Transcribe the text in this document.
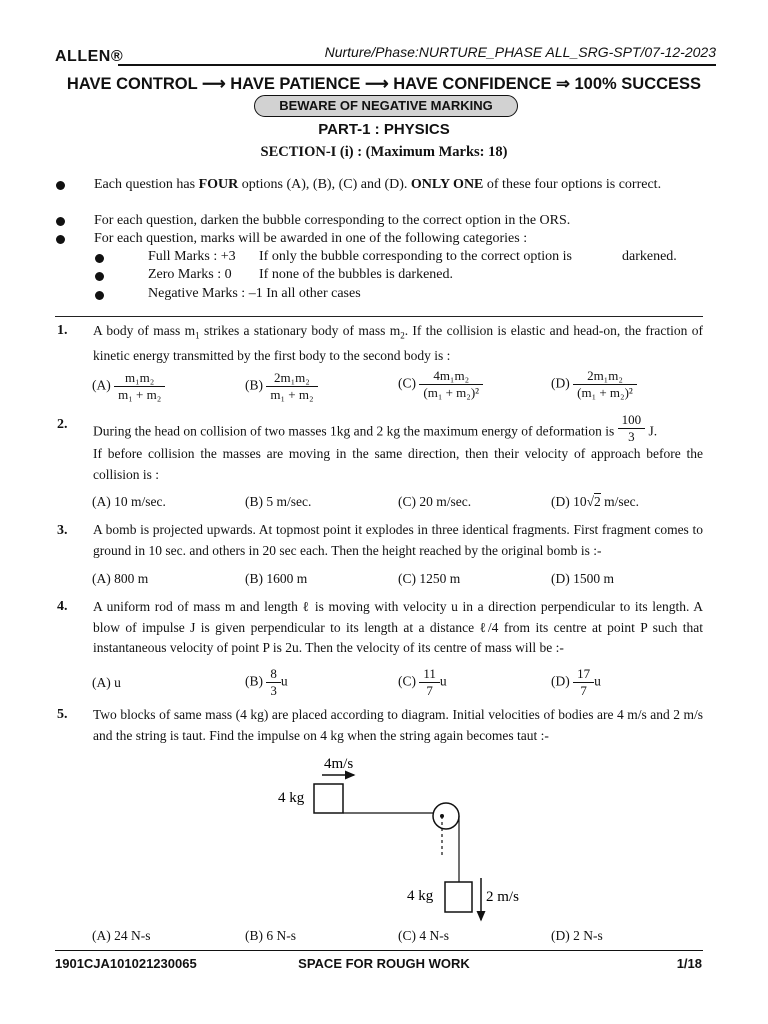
ALLEN®	Nurture/Phase:NURTURE_PHASE ALL_SRG-SPT/07-12-2023
HAVE CONTROL ⟶ HAVE PATIENCE ⟶ HAVE CONFIDENCE ⇒ 100% SUCCESS
BEWARE OF NEGATIVE MARKING
PART-1 : PHYSICS
SECTION-I (i) : (Maximum Marks: 18)
Each question has FOUR options (A), (B), (C) and (D). ONLY ONE of these four options is correct.
For each question, darken the bubble corresponding to the correct option in the ORS.
For each question, marks will be awarded in one of the following categories :
Full Marks : +3 If only the bubble corresponding to the correct option is	darkened.
Zero Marks : 0 If none of the bubbles is darkened.
Negative Marks : –1 In all other cases
1. A body of mass $m_1$ strikes a stationary body of mass $m_2$. If the collision is elastic and head-on, the fraction of kinetic energy transmitted by the first body to the second body is :
$(A) \frac{\text{m₁m₂}}{\text{m₁ + m₂}}$	$(B) \frac{\text{2m₁m₂}}{\text{m₁ + m₂}}$	$(C) \frac{\text{4m₁m₂}}{\text{(m₁ + m₂)²}}$	$(D) \frac{\text{2m₁m₂}}{\text{(m₁ + m₂)²}}$
2. During the head on collision of two masses 1kg and 2 kg the maximum energy of deformation is $\frac{100}{3} J$.
If before collision the masses are moving in the same direction, then their velocity of approach before the collision is :
(A) 10 m/sec.	(B) 5 m/sec.	(C) 20 m/sec.	(D) 10√2 m/sec.
3. A bomb is projected upwards. At topmost point it explodes in three identical fragments. First fragment comes to ground in 10 sec. and others in 20 sec each. Then the height reached by the original bomb is :-
(A) 800 m	(B) 1600 m	(C) 1250 m	(D) 1500 m
4. A uniform rod of mass m and length ℓ is moving with velocity u in a direction perpendicular to its length. A blow of impulse J is given perpendicular to its length at a distance ℓ/4 from its centre at point P such that instantaneous velocity of point P is 2u. Then the velocity of its centre of mass will be :-
(A) u	$(B) \frac{8}{3}$ u	$(C) \frac{11}{7}$ u	$(D) \frac{17}{7}$ u
5. Two blocks of same mass (4 kg) are placed according to diagram. Initial velocities of bodies are 4 m/s and 2 m/s and the string is taut. Find the impulse on 4 kg when the string again becomes taut :-
4m/s
4 kg
4 kg	2 m/s
(A) 24 N-s	(B) 6 N-s	(C) 4 N-s	(D) 2 N-s
1901CJA101021230065	SPACE FOR ROUGH WORK	1/18
